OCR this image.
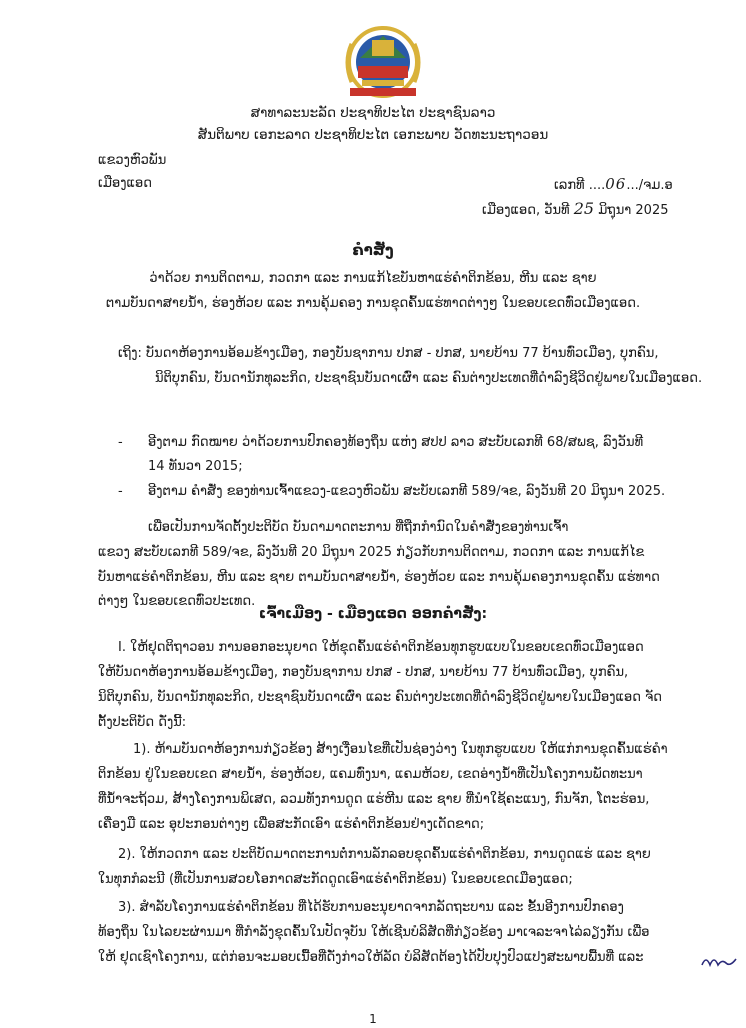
ສາທາລະນະລັດ ປະຊາທິປະໄຕ ປະຊາຊົນລາວ
ສັນຕິພາບ ເອກະລາດ ປະຊາທິປະໄຕ ເອກະພາບ ວັດທະນະຖາວອນ
ແຂວງຫົວພັນ
ເມືອງແອດ	ເລກທີ ....06.../ຈມ.ອ
ເມືອງແອດ, ວັນທີ 25 ມິຖຸນາ 2025
ຄໍາສັ່ງ
ວ່າດ້ວຍ ການຕິດຕາມ, ກວດກາ ແລະ ການແກ້ໄຂບັນຫາແຮ່ຄໍາຕິກຂ້ອນ, ຫີນ ແລະ ຊາຍ
ຕາມບັນດາສາຍນໍ້າ, ຮ່ອງຫ້ວຍ ແລະ ການຄຸ້ມຄອງ ການຂຸດຄົ້ນແຮ່ທາດຕ່າງໆ ໃນຂອບເຂດທົ່ວເມືອງແອດ.
ເຖິງ: ບັນດາຫ້ອງການອ້ອມຂ້າງເມືອງ, ກອງບັນຊາການ ປກສ - ປກສ, ນາຍບ້ານ 77 ບ້ານທົ່ວເມືອງ, ບຸກຄົນ,
ນິຕິບຸກຄົນ, ບັນດານັກທຸລະກິດ, ປະຊາຊົນບັນດາເຜົ່າ ແລະ ຄົນຕ່າງປະເທດທີ່ດໍາລົງຊີວິດຢູ່ພາຍໃນເມືອງແອດ.
- ອີງຕາມ ກົດໝາຍ ວ່າດ້ວຍການປົກຄອງທ້ອງຖິ່ນ ແຫ່ງ ສປປ ລາວ ສະບັບເລກທີ 68/ສພຊ, ລົງວັນທີ
14 ທັນວາ 2015;
- ອີງຕາມ ຄໍາສັ່ງ ຂອງທ່ານເຈົ້າແຂວງ-ແຂວງຫົວພັນ ສະບັບເລກທີ 589/ຈຂ, ລົງວັນທີ 20 ມິຖຸນາ 2025.
ເພື່ອເປັນການຈັດຕັ້ງປະຕິບັດ ບັນດາມາດຕະການ ທີ່ຖືກກໍານົດໃນຄໍາສັ່ງຂອງທ່ານເຈົ້າ
ແຂວງ ສະບັບເລກທີ 589/ຈຂ, ລົງວັນທີ 20 ມິຖຸນາ 2025 ກ່ຽວກັບການຕິດຕາມ, ກວດກາ ແລະ ການແກ້ໄຂ
ບັນຫາແຮ່ຄໍາຕິກຂ້ອນ, ຫີນ ແລະ ຊາຍ ຕາມບັນດາສາຍນໍ້າ, ຮ່ອງຫ້ວຍ ແລະ ການຄຸ້ມຄອງການຂຸດຄົ້ນ ແຮ່ທາດ
ຕ່າງໆ ໃນຂອບເຂດທົ່ວປະເທດ.
ເຈົ້າເມືອງ - ເມືອງແອດ ອອກຄໍາສັ່ງ:
I. ໃຫ້ຢຸດຕິຖາວອນ ການອອກອະນຸຍາດ ໃຫ້ຂຸດຄົ້ນແຮ່ຄໍາຕິກຂ້ອນທຸກຮູບແບບໃນຂອບເຂດທົ່ວເມືອງແອດ
ໃຫ້ບັນດາຫ້ອງການອ້ອມຂ້າງເມືອງ, ກອງບັນຊາການ ປກສ - ປກສ, ນາຍບ້ານ 77 ບ້ານທົ່ວເມືອງ, ບຸກຄົນ,
ນິຕິບຸກຄົນ, ບັນດານັກທຸລະກິດ, ປະຊາຊົນບັນດາເຜົ່າ ແລະ ຄົນຕ່າງປະເທດທີ່ດໍາລົງຊີວິດຢູ່ພາຍໃນເມືອງແອດ ຈັດ
ຕັ້ງປະຕິບັດ ດັ່ງນີ້:
1). ຫ້າມບັນດາຫ້ອງການກ່ຽວຂ້ອງ ສ້າງເງື່ອນໄຂທີ່ເປັນຊ່ອງວ່າງ ໃນທຸກຮູບແບບ ໃຫ້ແກ່ການຂຸດຄົ້ນແຮ່ຄໍາ
ຕິກຂ້ອນ ຢູ່ໃນຂອບເຂດ ສາຍນໍ້າ, ຮ່ອງຫ້ວຍ, ແຄມທົ່ງນາ, ແຄມຫ້ວຍ, ເຂດອ່າງນໍ້າທີ່ເປັນໂຄງການພັດທະນາ
ທີ່ນໍ້າຈະຖ້ວມ, ສ້າງໂຄງການພິເສດ, ລວມທັງການດູດ ແຮ່ຫີນ ແລະ ຊາຍ ທີ່ນໍາໃຊ້ຄະແນງ, ກົນຈັກ, ໂຕະຮ່ອນ,
ເຄື່ອງມື ແລະ ອຸປະກອນຕ່າງໆ ເພື່ອສະກັດເອົາ ແຮ່ຄໍາຕິກຂ້ອນຢ່າງເດັດຂາດ;
2). ໃຫ້ກວດກາ ແລະ ປະຕິບັດມາດຕະການຕໍ່ການລັກລອບຂຸດຄົ້ນແຮ່ຄໍາຕິກຂ້ອນ, ການດູດແຮ່ ແລະ ຊາຍ
ໃນທຸກກໍລະນີ (ທີ່ເປັນການສວຍໂອກາດສະກັດດູດເອົາແຮ່ຄໍາຕິກຂ້ອນ) ໃນຂອບເຂດເມືອງແອດ;
3). ສໍາລັບໂຄງການແຮ່ຄໍາຕິກຂ້ອນ ທີ່ໄດ້ຮັບການອະນຸຍາດຈາກລັດຖະບານ ແລະ ຂັ້ນອີງການປົກຄອງ
ທ້ອງຖິ່ນ ໃນໄລຍະຜ່ານມາ ທີ່ກໍາລັງຂຸດຄົ້ນໃນປັດຈຸບັນ ໃຫ້ເຊີນບໍລິສັດທີ່ກ່ຽວຂ້ອງ ມາເຈລະຈາໄລ່ລຽງກັນ ເພື່ອ
ໃຫ້ ຢຸດເຊົາໂຄງການ, ແຕ່ກ່ອນຈະມອບເນື້ອທີ່ດັ່ງກ່າວໃຫ້ລັດ ບໍລິສັດຕ້ອງໄດ້ປັບປຸງປົວແປງສະພາບພື້ນທີ່ ແລະ
1
